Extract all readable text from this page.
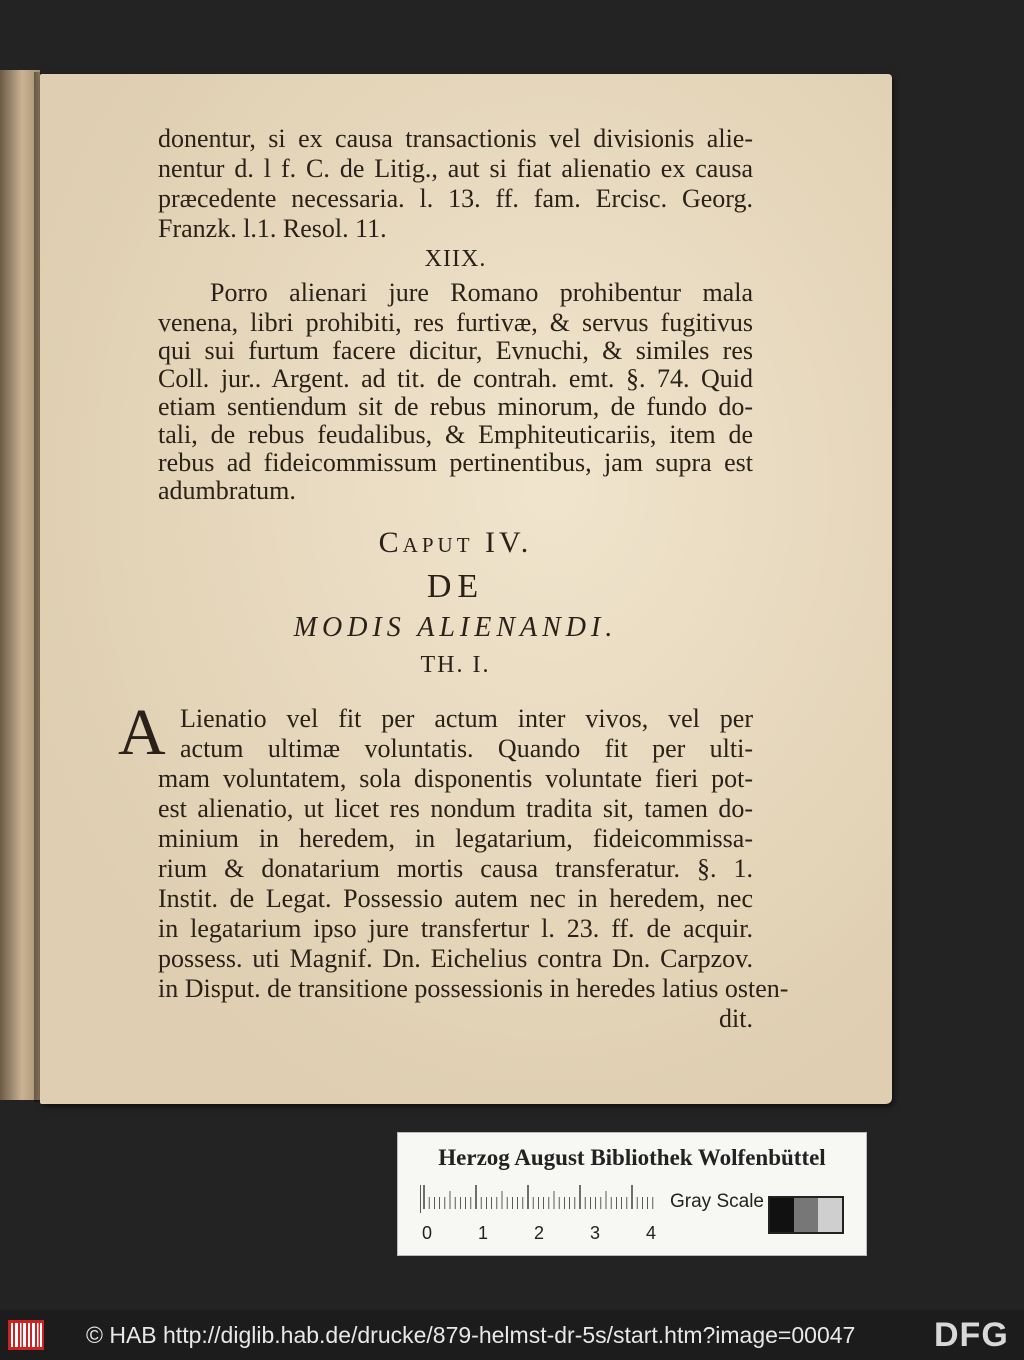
donentur, si ex causa transactionis vel divisionis alie-
nentur d. l f. C. de Litig., aut si fiat alienatio ex causa
præcedente necessaria. l. 13. ff. fam. Ercisc. Georg.
Franzk. l.1. Resol. 11.
XIIX.
Porro alienari jure Romano prohibentur mala
venena, libri prohibiti, res furtivæ, & servus fugitivus
qui sui furtum facere dicitur, Evnuchi, & similes res
Coll. jur.. Argent. ad tit. de contrah. emt. §. 74. Quid
etiam sentiendum sit de rebus minorum, de fundo do-
tali, de rebus feudalibus, & Emphiteuticariis, item de
rebus ad fideicommissum pertinentibus, jam supra est
adumbratum.
Caput IV.
DE
MODIS ALIENANDI.
TH. I.
A Lienatio vel fit per actum inter vivos, vel per
actum ultimæ voluntatis. Quando fit per ulti-
mam voluntatem, sola disponentis voluntate fieri pot-
est alienatio, ut licet res nondum tradita sit, tamen do-
minium in heredem, in legatarium, fideicommissa-
rium & donatarium mortis causa transferatur. §. 1.
Instit. de Legat. Possessio autem nec in heredem, nec
in legatarium ipso jure transfertur l. 23. ff. de acquir.
possess. uti Magnif. Dn. Eichelius contra Dn. Carpzov.
in Disput. de transitione possessionis in heredes latius osten-
dit.
Herzog August Bibliothek Wolfenbüttel
0	1	2	3	4
Gray Scale
© HAB http://diglib.hab.de/drucke/879-helmst-dr-5s/start.htm?image=00047 DFG
